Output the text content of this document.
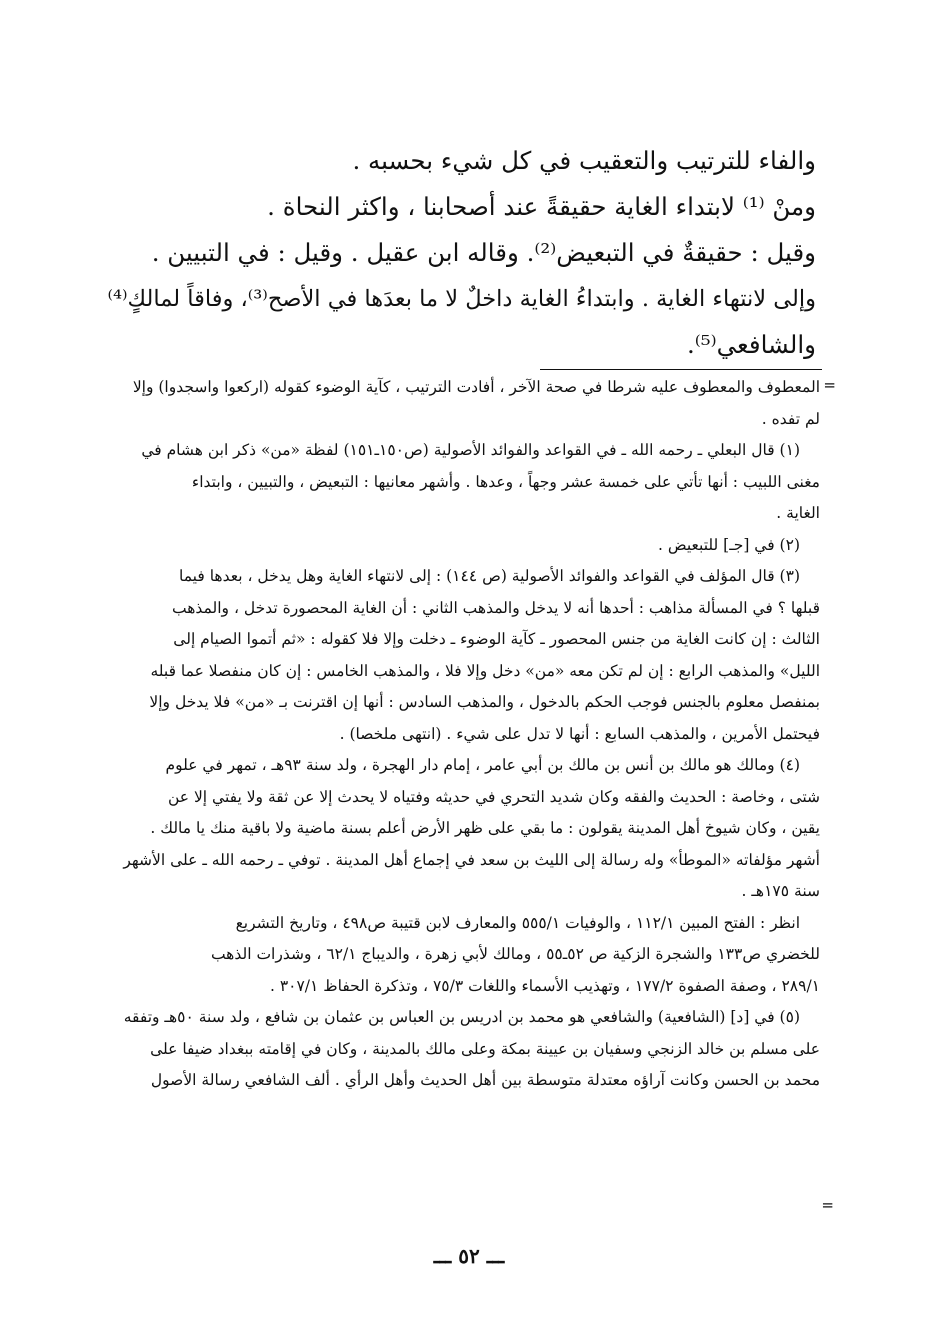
والفاء للترتيب والتعقيب في كل شيء بحسبه .
ومنْ ⁽¹⁾ لابتداء الغاية حقيقةً عند أصحابنا ، واكثر النحاة .
وقيل : حقيقةٌ في التبعيض⁽²⁾. وقاله ابن عقيل . وقيل : في التبيين .
وإلى لانتهاء الغاية . وابتداءُ الغاية داخلٌ لا ما بعدَها في الأصح⁽³⁾، وفاقاً لمالكٍ⁽⁴⁾
والشافعي⁽⁵⁾.
=
المعطوف والمعطوف عليه شرطا في صحة الآخر ، أفادت الترتيب ، كآية الوضوء كقوله (اركعوا واسجدوا) وإلا
لم تفده .
(١) قال البعلي ـ رحمه الله ـ في القواعد والفوائد الأصولية (ص١٥٠ـ١٥١) لفظة «من» ذكر ابن هشام في
مغنى اللبيب : أنها تأتي على خمسة عشر وجهاً ، وعدها . وأشهر معانيها : التبعيض ، والتبيين ، وابتداء
الغاية .
(٢) في [جـ] للتبعيض .
(٣) قال المؤلف في القواعد والفوائد الأصولية (ص ١٤٤) : إلى لانتهاء الغاية وهل يدخل ، بعدها فيما
قبلها ؟ في المسألة مذاهب : أحدها أنه لا يدخل والمذهب الثاني : أن الغاية المحصورة تدخل ، والمذهب
الثالث : إن كانت الغاية من جنس المحصور ـ كآية الوضوء ـ دخلت وإلا فلا كقوله : «ثم أتموا الصيام إلى
الليل» والمذهب الرابع : إن لم تكن معه «من» دخل وإلا فلا ، والمذهب الخامس : إن كان منفصلا عما قبله
بمنفصل معلوم بالجنس فوجب الحكم بالدخول ، والمذهب السادس : أنها إن اقترنت بـ «من» فلا يدخل وإلا
فيحتمل الأمرين ، والمذهب السابع : أنها لا تدل على شيء . (انتهى ملخصا) .
(٤) ومالك هو مالك بن أنس بن مالك بن أبي عامر ، إمام دار الهجرة ، ولد سنة ٩٣هـ ، تمهر في علوم
شتى ، وخاصة : الحديث والفقه وكان شديد التحري في حديثه وفتياه لا يحدث إلا عن ثقة ولا يفتي إلا عن
يقين ، وكان شيوخ أهل المدينة يقولون : ما بقي على ظهر الأرض أعلم بسنة ماضية ولا باقية منك يا مالك .
أشهر مؤلفاته «الموطأ» وله رسالة إلى الليث بن سعد في إجماع أهل المدينة . توفي ـ رحمه الله ـ على الأشهر
سنة ١٧٥هـ .
انظر : الفتح المبين ١١٢/١ ، والوفيات ٥٥٥/١ والمعارف لابن قتيبة ص٤٩٨ ، وتاريخ التشريع
للخضري ص١٣٣ والشجرة الزكية ص ٥٢ـ٥٥ ، ومالك لأبي زهرة ، والديباج ٦٢/١ ، وشذرات الذهب
٢٨٩/١ ، وصفة الصفوة ١٧٧/٢ ، وتهذيب الأسماء واللغات ٧٥/٣ ، وتذكرة الحفاظ ٣٠٧/١ .
(٥) في [د] (الشافعية) والشافعي هو محمد بن ادريس بن العباس بن عثمان بن شافع ، ولد سنة ٥٠هـ وتفقه
على مسلم بن خالد الزنجي وسفيان بن عيينة بمكة وعلى مالك بالمدينة ، وكان في إقامته ببغداد ضيفا على
محمد بن الحسن وكانت آراؤه معتدلة متوسطة بين أهل الحديث وأهل الرأي . ألف الشافعي رسالة الأصول
=
ـــ ٥٢ ـــ
